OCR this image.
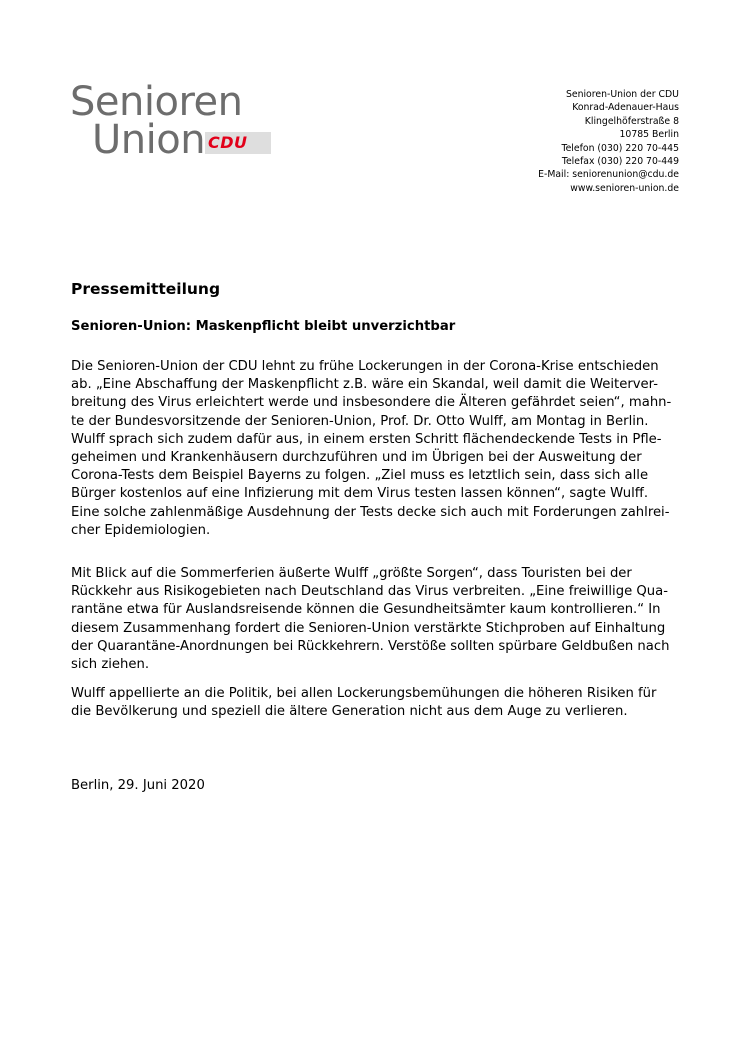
Senioren
Union CDU
Senioren-Union der CDU
Konrad-Adenauer-Haus
Klingelhöferstraße 8
10785 Berlin
Telefon (030) 220 70-445
Telefax (030) 220 70-449
E-Mail: seniorenunion@cdu.de
www.senioren-union.de
Pressemitteilung
Senioren-Union: Maskenpflicht bleibt unverzichtbar

Die Senioren-Union der CDU lehnt zu frühe Lockerungen in der Corona-Krise entschieden
ab. „Eine Abschaffung der Maskenpflicht z.B. wäre ein Skandal, weil damit die Weiterver-
breitung des Virus erleichtert werde und insbesondere die Älteren gefährdet seien“, mahn-
te der Bundesvorsitzende der Senioren-Union, Prof. Dr. Otto Wulff, am Montag in Berlin.
Wulff sprach sich zudem dafür aus, in einem ersten Schritt flächendeckende Tests in Pfle-
geheimen und Krankenhäusern durchzuführen und im Übrigen bei der Ausweitung der
Corona-Tests dem Beispiel Bayerns zu folgen. „Ziel muss es letztlich sein, dass sich alle
Bürger kostenlos auf eine Infizierung mit dem Virus testen lassen können“, sagte Wulff.
Eine solche zahlenmäßige Ausdehnung der Tests decke sich auch mit Forderungen zahlrei-
cher Epidemiologien.

Mit Blick auf die Sommerferien äußerte Wulff „größte Sorgen“, dass Touristen bei der
Rückkehr aus Risikogebieten nach Deutschland das Virus verbreiten. „Eine freiwillige Qua-
rantäne etwa für Auslandsreisende können die Gesundheitsämter kaum kontrollieren.“ In
diesem Zusammenhang fordert die Senioren-Union verstärkte Stichproben auf Einhaltung
der Quarantäne-Anordnungen bei Rückkehrern. Verstöße sollten spürbare Geldbußen nach
sich ziehen.

Wulff appellierte an die Politik, bei allen Lockerungsbemühungen die höheren Risiken für
die Bevölkerung und speziell die ältere Generation nicht aus dem Auge zu verlieren.

Berlin, 29. Juni 2020
